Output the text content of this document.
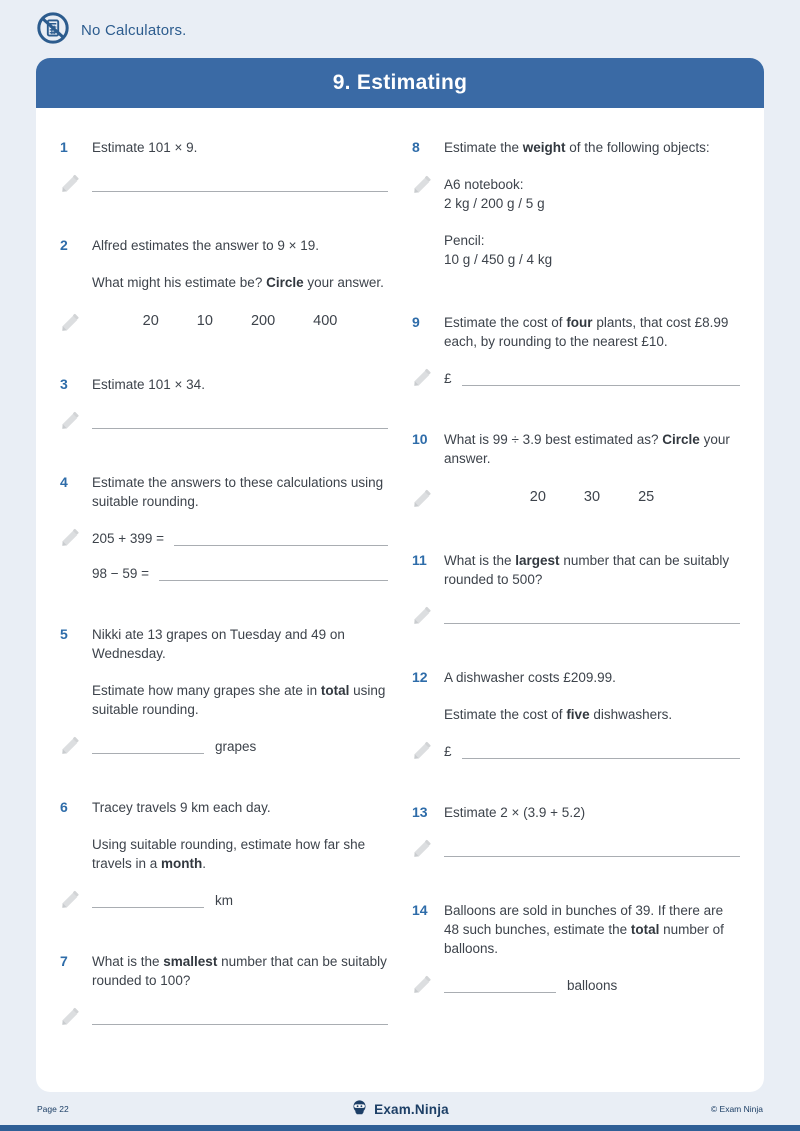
No Calculators.
9. Estimating
1	Estimate 101 × 9.
2	Alfred estimates the answer to 9 × 19.
What might his estimate be? Circle your answer.
20	10	200	400
3	Estimate 101 × 34.
4	Estimate the answers to these calculations using suitable rounding.
205 + 399 =
98 − 59 =
5	Nikki ate 13 grapes on Tuesday and 49 on Wednesday.
Estimate how many grapes she ate in total using suitable rounding.
grapes
6	Tracey travels 9 km each day.
Using suitable rounding, estimate how far she travels in a month.
km
7	What is the smallest number that can be suitably rounded to 100?
8	Estimate the weight of the following objects:
A6 notebook:
2 kg / 200 g / 5 g
Pencil:
10 g / 450 g / 4 kg
9	Estimate the cost of four plants, that cost £8.99 each, by rounding to the nearest £10.
£
10	What is 99 ÷ 3.9 best estimated as? Circle your answer.
20	30	25
11	What is the largest number that can be suitably rounded to 500?
12	A dishwasher costs £209.99.
Estimate the cost of five dishwashers.
£
13	Estimate 2 × (3.9 + 5.2)
14	Balloons are sold in bunches of 39. If there are 48 such bunches, estimate the total number of balloons.
balloons
Page 22	Exam.Ninja	© Exam Ninja
